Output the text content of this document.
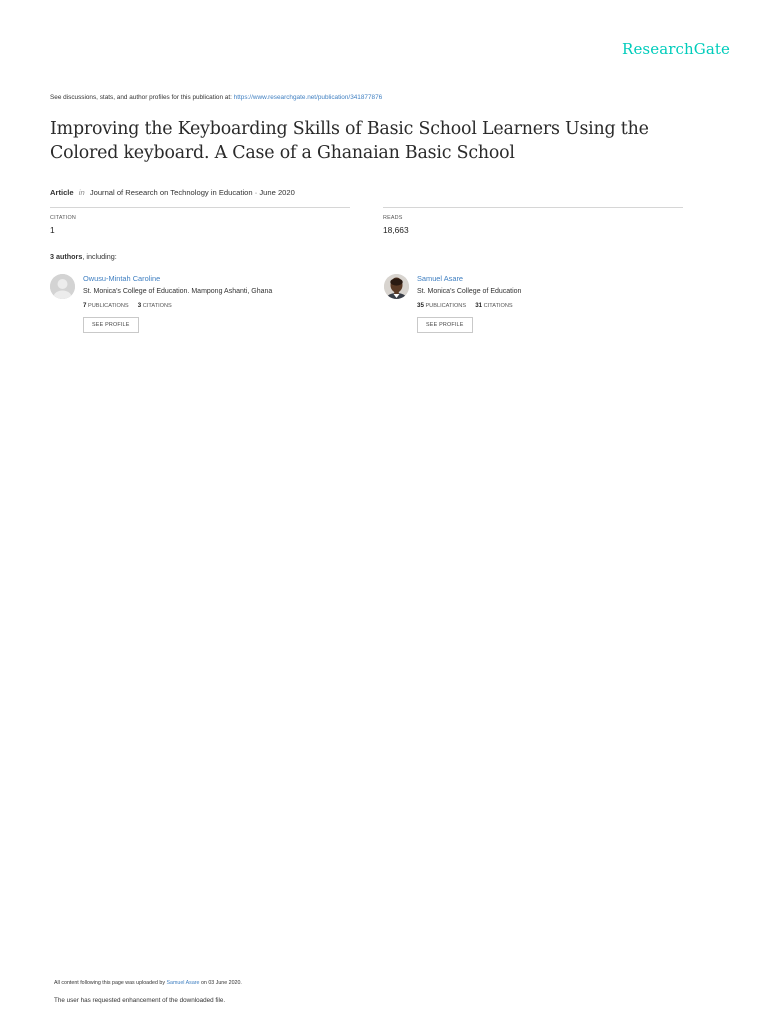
ResearchGate
See discussions, stats, and author profiles for this publication at: https://www.researchgate.net/publication/341877876
Improving the Keyboarding Skills of Basic School Learners Using the Colored keyboard. A Case of a Ghanaian Basic School
Article in Journal of Research on Technology in Education · June 2020
CITATION
1
READS
18,663
3 authors, including:
Owusu-Mintah Caroline
St. Monica's College of Education. Mampong Ashanti, Ghana
7 PUBLICATIONS 3 CITATIONS
SEE PROFILE
Samuel Asare
St. Monica's College of Education
35 PUBLICATIONS 31 CITATIONS
SEE PROFILE
All content following this page was uploaded by Samuel Asare on 03 June 2020.
The user has requested enhancement of the downloaded file.
